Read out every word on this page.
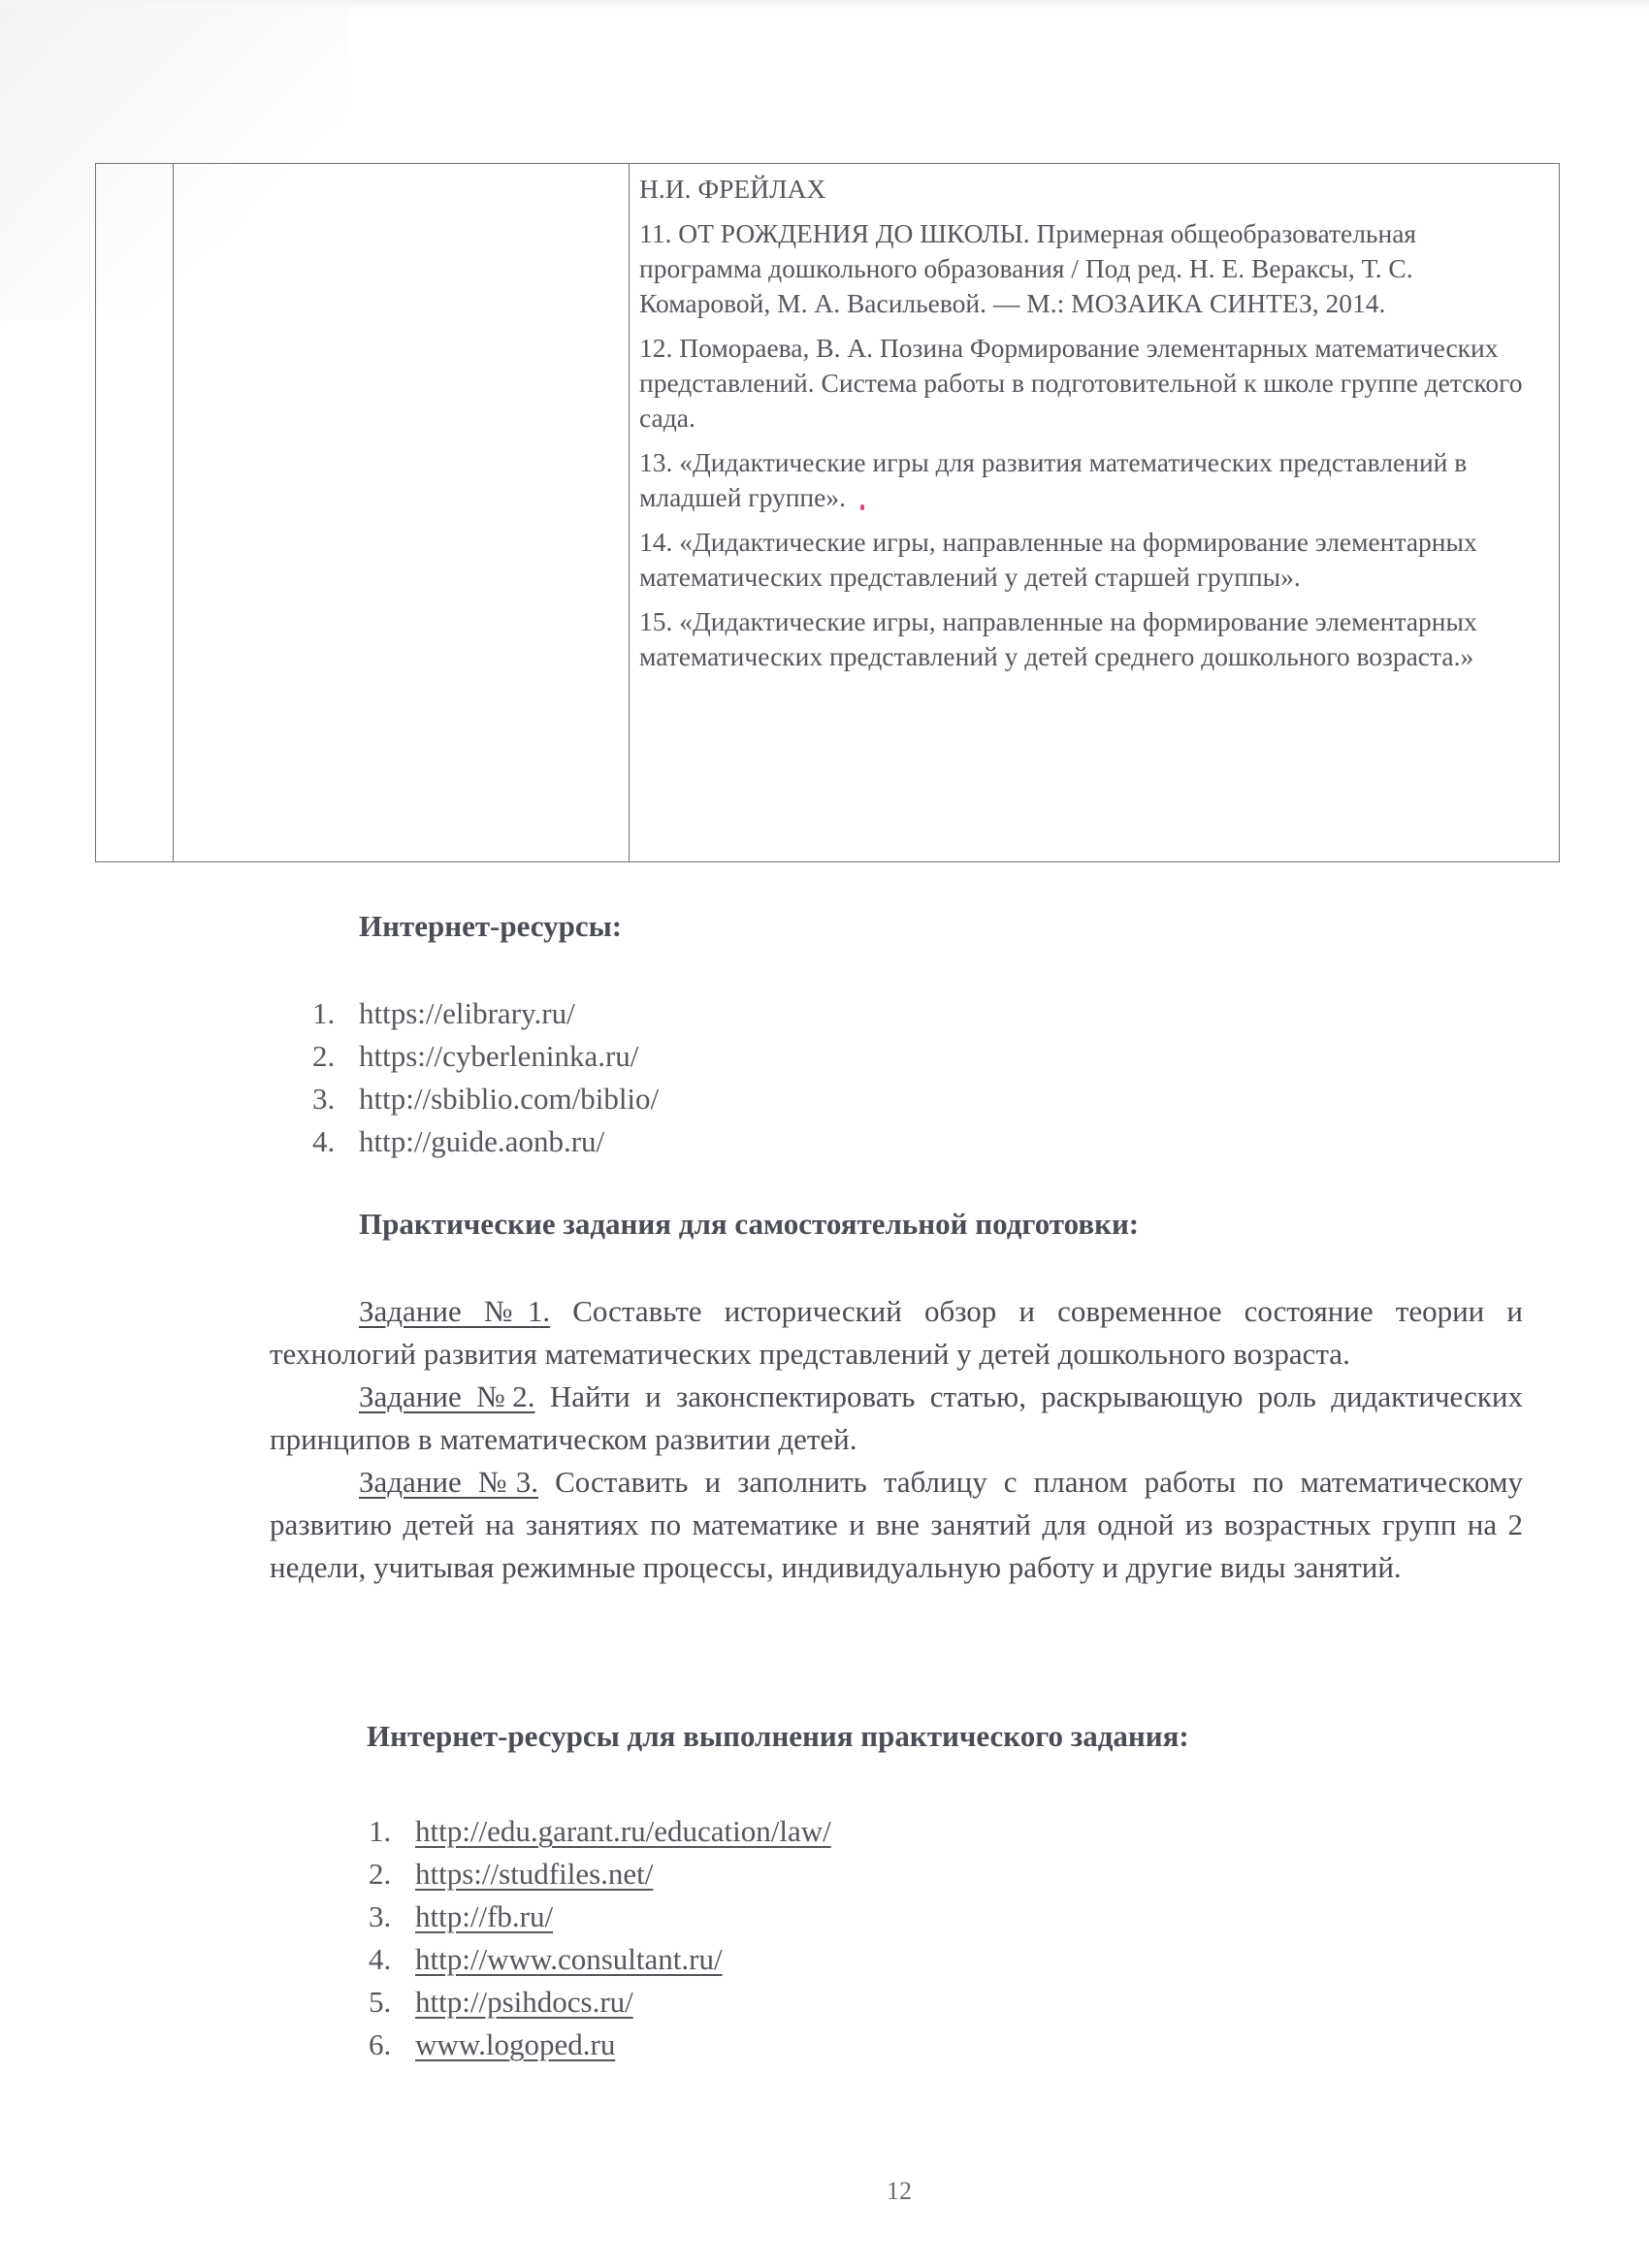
Н.И. ФРЕЙЛАХ

11. ОТ РОЖДЕНИЯ ДО ШКОЛЫ. Примерная общеобразовательная программа дошкольного образования / Под ред. Н. Е. Вераксы, Т. С. Комаровой, М. А. Васильевой. — М.: МОЗАИКА СИНТЕЗ, 2014.

12. Помораева, В. А. Позина Формирование элементарных математических представлений. Система работы в подготовительной к школе группе детского сада.

13. «Дидактические игры для развития математических представлений в младшей группе».

14. «Дидактические игры, направленные на формирование элементарных математических представлений у детей старшей группы».

15. «Дидактические игры, направленные на формирование элементарных математических представлений у детей среднего дошкольного возраста.»

Интернет-ресурсы:
1. https://elibrary.ru/
2. https://cyberleninka.ru/
3. http://sbiblio.com/biblio/
4. http://guide.aonb.ru/
Практические задания для самостоятельной подготовки:

Задание №1. Составьте исторический обзор и современное состояние теории и технологий развития математических представлений у детей дошкольного возраста.

Задание №2. Найти и законспектировать статью, раскрывающую роль дидактических принципов в математическом развитии детей.

Задание №3. Составить и заполнить таблицу с планом работы по математическому развитию детей на занятиях по математике и вне занятий для одной из возрастных групп на 2 недели, учитывая режимные процессы, индивидуальную работу и другие виды занятий.

Интернет-ресурсы для выполнения практического задания:
1. http://edu.garant.ru/education/law/
2. https://studfiles.net/
3. http://fb.ru/
4. http://www.consultant.ru/
5. http://psihdocs.ru/
6. www.logoped.ru
12
